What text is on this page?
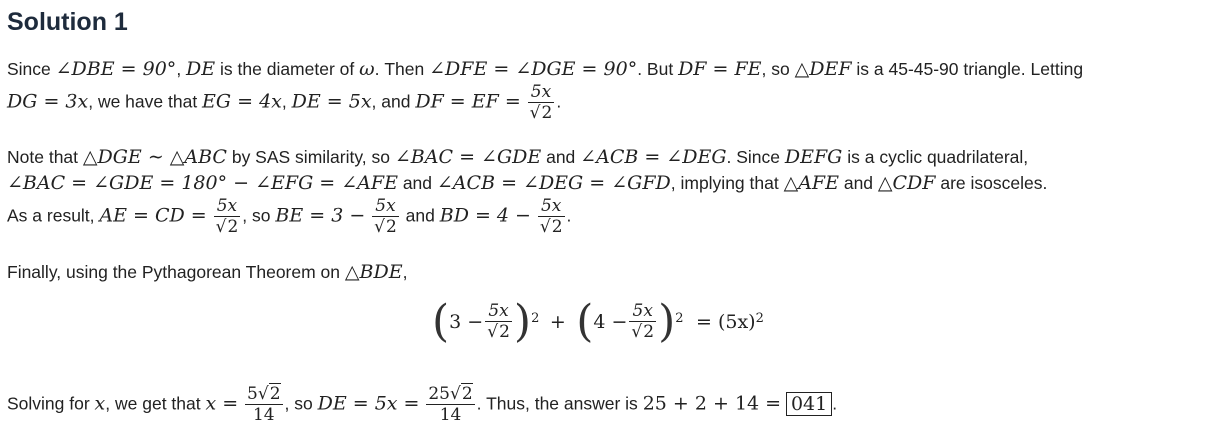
Solution 1
Since ∠DBE = 90°, DE is the diameter of ω. Then ∠DFE = ∠DGE = 90°. But DF = FE, so △DEF is a 45-45-90 triangle. Letting
DG = 3x, we have that EG = 4x, DE = 5x, and DF = EF = $\frac{5x}{√2}$ .
Note that △DGE ∼ △ABC by SAS similarity, so ∠BAC = ∠GDE and ∠ACB = ∠DEG. Since DEFG is a cyclic quadrilateral,
∠BAC = ∠GDE = 180° − ∠EFG = ∠AFE and ∠ACB = ∠DEG = ∠GFD, implying that △AFE and △CDF are isosceles.
As a result, AE = CD = $\frac{5x}{√2}$ , so BE = $3 - \frac{5x}{√2}$ and BD = $4 - \frac{5x}{√2}$ .
Finally, using the Pythagorean Theorem on △BDE,
$(3 - \frac{5x}{√2} )^2 + (4 - \frac{5x}{√2} )^2 = (5x)^2$
Solving for x, we get that $x = \frac{5√2}{14}$ , so DE = $5x = \frac{25√2}{14}$ . Thus, the answer is 25 + 2 + 14 = 041 .
